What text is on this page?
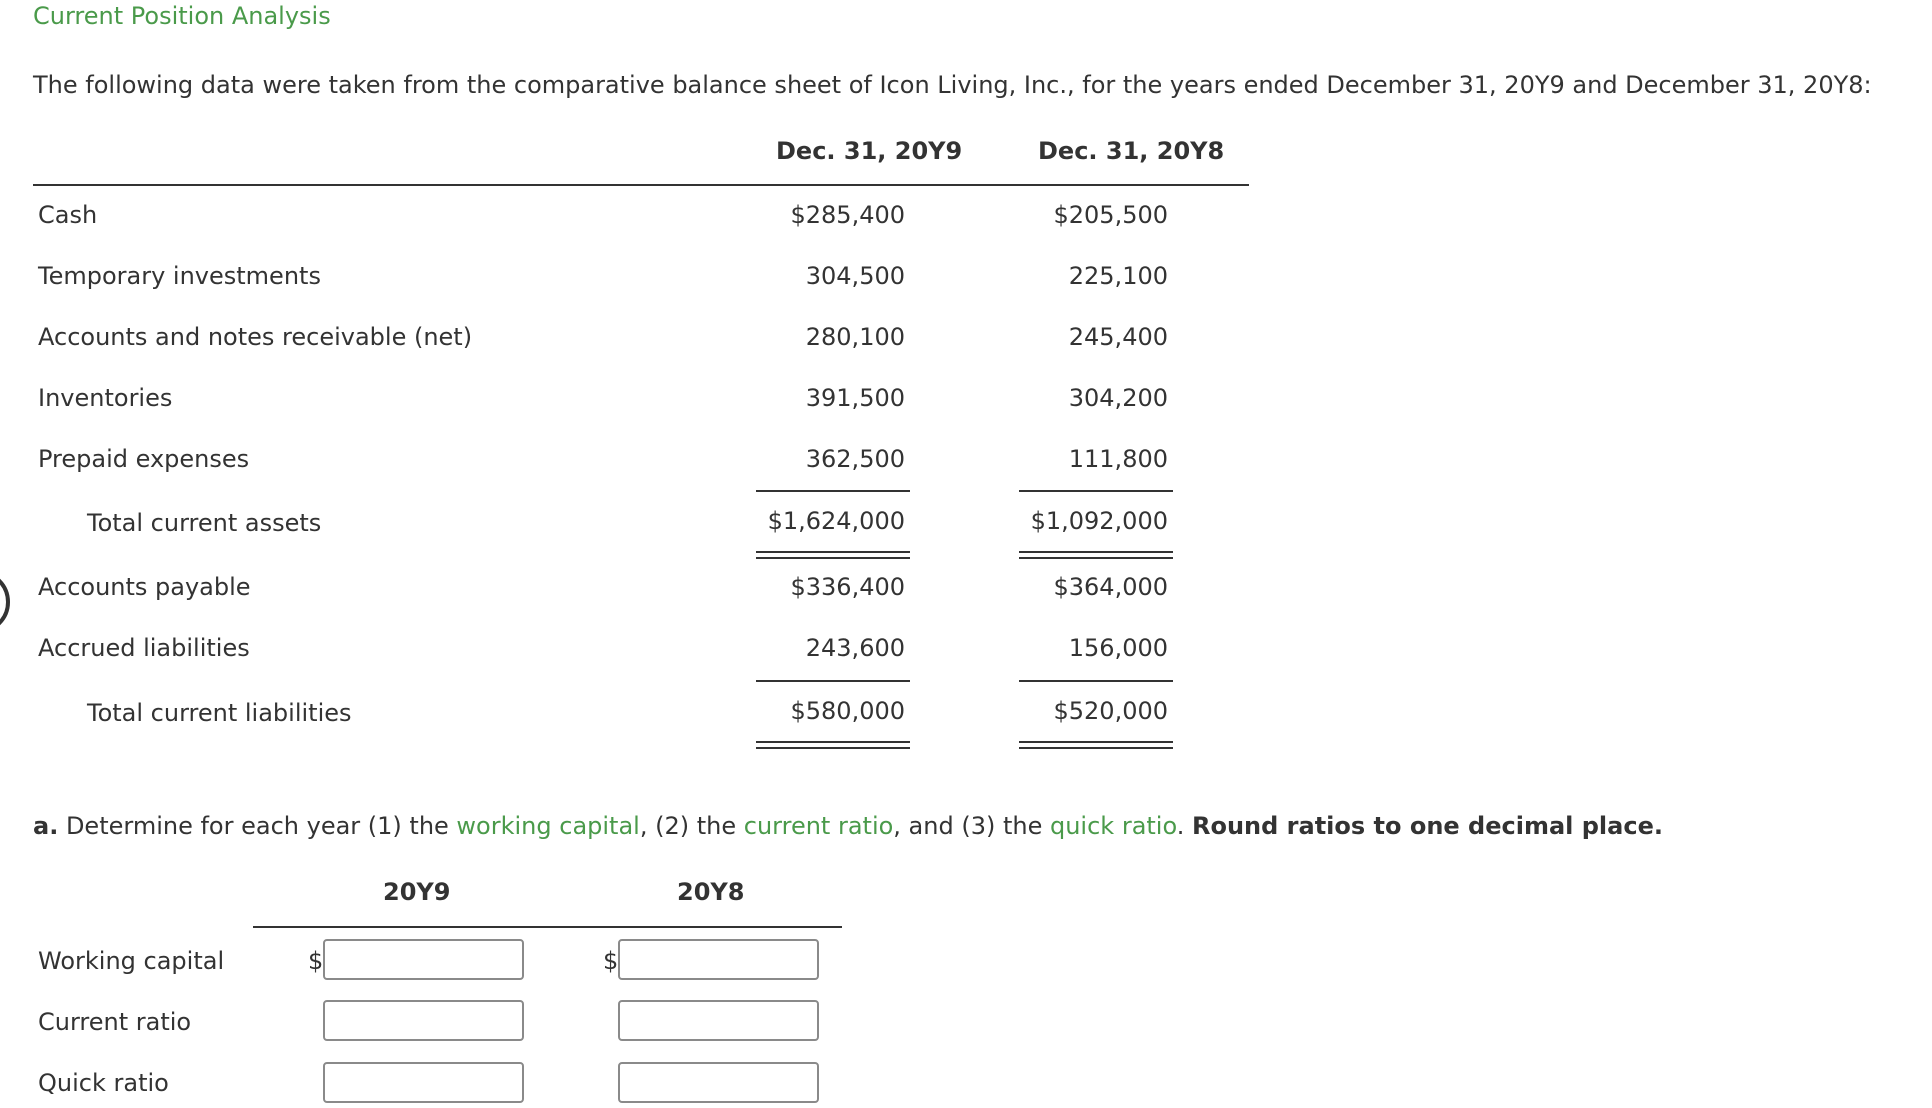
Current Position Analysis
The following data were taken from the comparative balance sheet of Icon Living, Inc., for the years ended December 31, 20Y9 and December 31, 20Y8:
Dec. 31, 20Y9	Dec. 31, 20Y8
Cash	$285,400	$205,500
Temporary investments	304,500	225,100
Accounts and notes receivable (net)	280,100	245,400
Inventories	391,500	304,200
Prepaid expenses	362,500	111,800
Total current assets	$1,624,000	$1,092,000
Accounts payable	$336,400	$364,000
Accrued liabilities	243,600	156,000
Total current liabilities	$580,000	$520,000
a. Determine for each year (1) the working capital, (2) the current ratio, and (3) the quick ratio. Round ratios to one decimal place.
20Y9	20Y8
Working capital	$	$
Current ratio
Quick ratio
